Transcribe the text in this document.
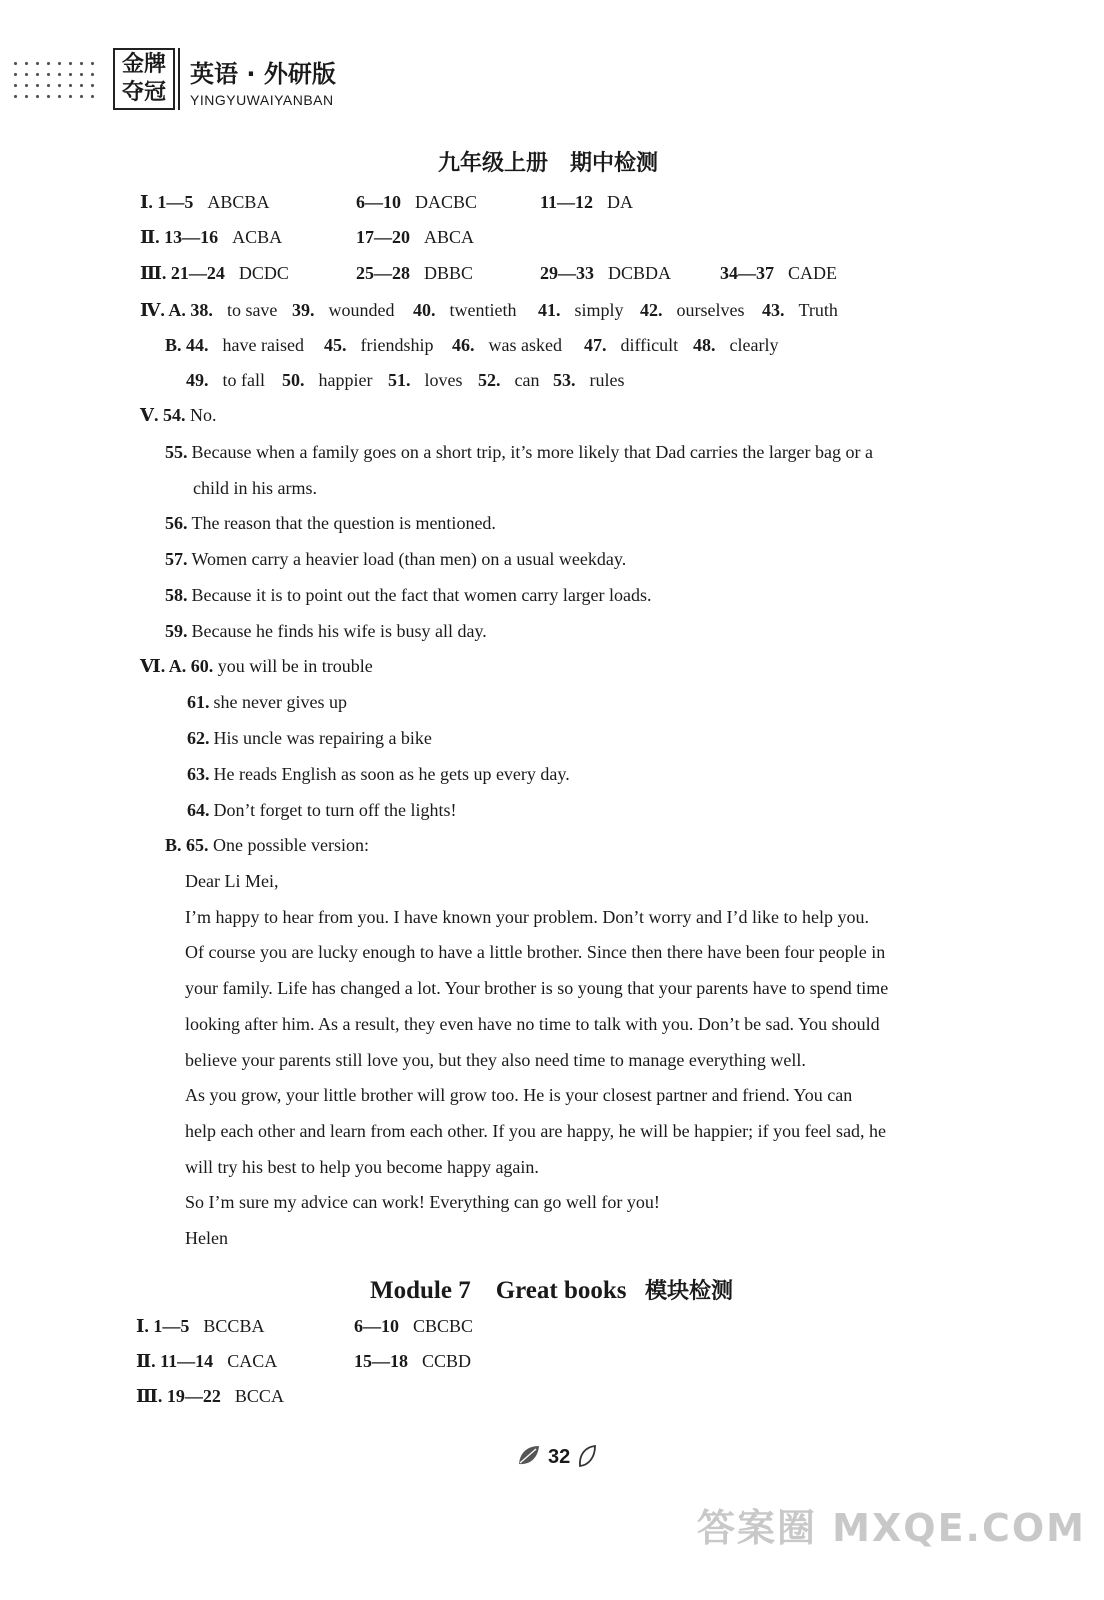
金牌
夺冠
英语 · 外研版
YINGYUWAIYANBAN
九年级上册　期中检测
Ⅰ. 1—5 ABCBA	6—10 DACBC	11—12 DA
Ⅱ. 13—16 ACBA	17—20 ABCA
Ⅲ. 21—24 DCDC	25—28 DBBC	29—33 DCBDA	34—37 CADE
Ⅳ. A. 38. to save 39. wounded 40. twentieth 41. simply 42. ourselves 43. Truth
B. 44. have raised 45. friendship 46. was asked 47. difficult 48. clearly
49. to fall 50. happier 51. loves 52. can 53. rules
Ⅴ. 54. No.
55. Because when a family goes on a short trip, it’s more likely that Dad carries the larger bag or a
child in his arms.
56. The reason that the question is mentioned.
57. Women carry a heavier load (than men) on a usual weekday.
58. Because it is to point out the fact that women carry larger loads.
59. Because he finds his wife is busy all day.
Ⅵ. A. 60. you will be in trouble
61. she never gives up
62. His uncle was repairing a bike
63. He reads English as soon as he gets up every day.
64. Don’t forget to turn off the lights!
B. 65. One possible version:
Dear Li Mei,
I’m happy to hear from you. I have known your problem. Don’t worry and I’d like to help you.
Of course you are lucky enough to have a little brother. Since then there have been four people in
your family. Life has changed a lot. Your brother is so young that your parents have to spend time
looking after him. As a result, they even have no time to talk with you. Don’t be sad. You should
believe your parents still love you, but they also need time to manage everything well.
As you grow, your little brother will grow too. He is your closest partner and friend. You can
help each other and learn from each other. If you are happy, he will be happier; if you feel sad, he
will try his best to help you become happy again.
So I’m sure my advice can work! Everything can go well for you!
Helen
Module 7　Great books 模块检测
Ⅰ. 1—5 BCCBA	6—10 CBCBC
Ⅱ. 11—14 CACA	15—18 CCBD
Ⅲ. 19—22 BCCA
32
答案圈 MXQE.COM
